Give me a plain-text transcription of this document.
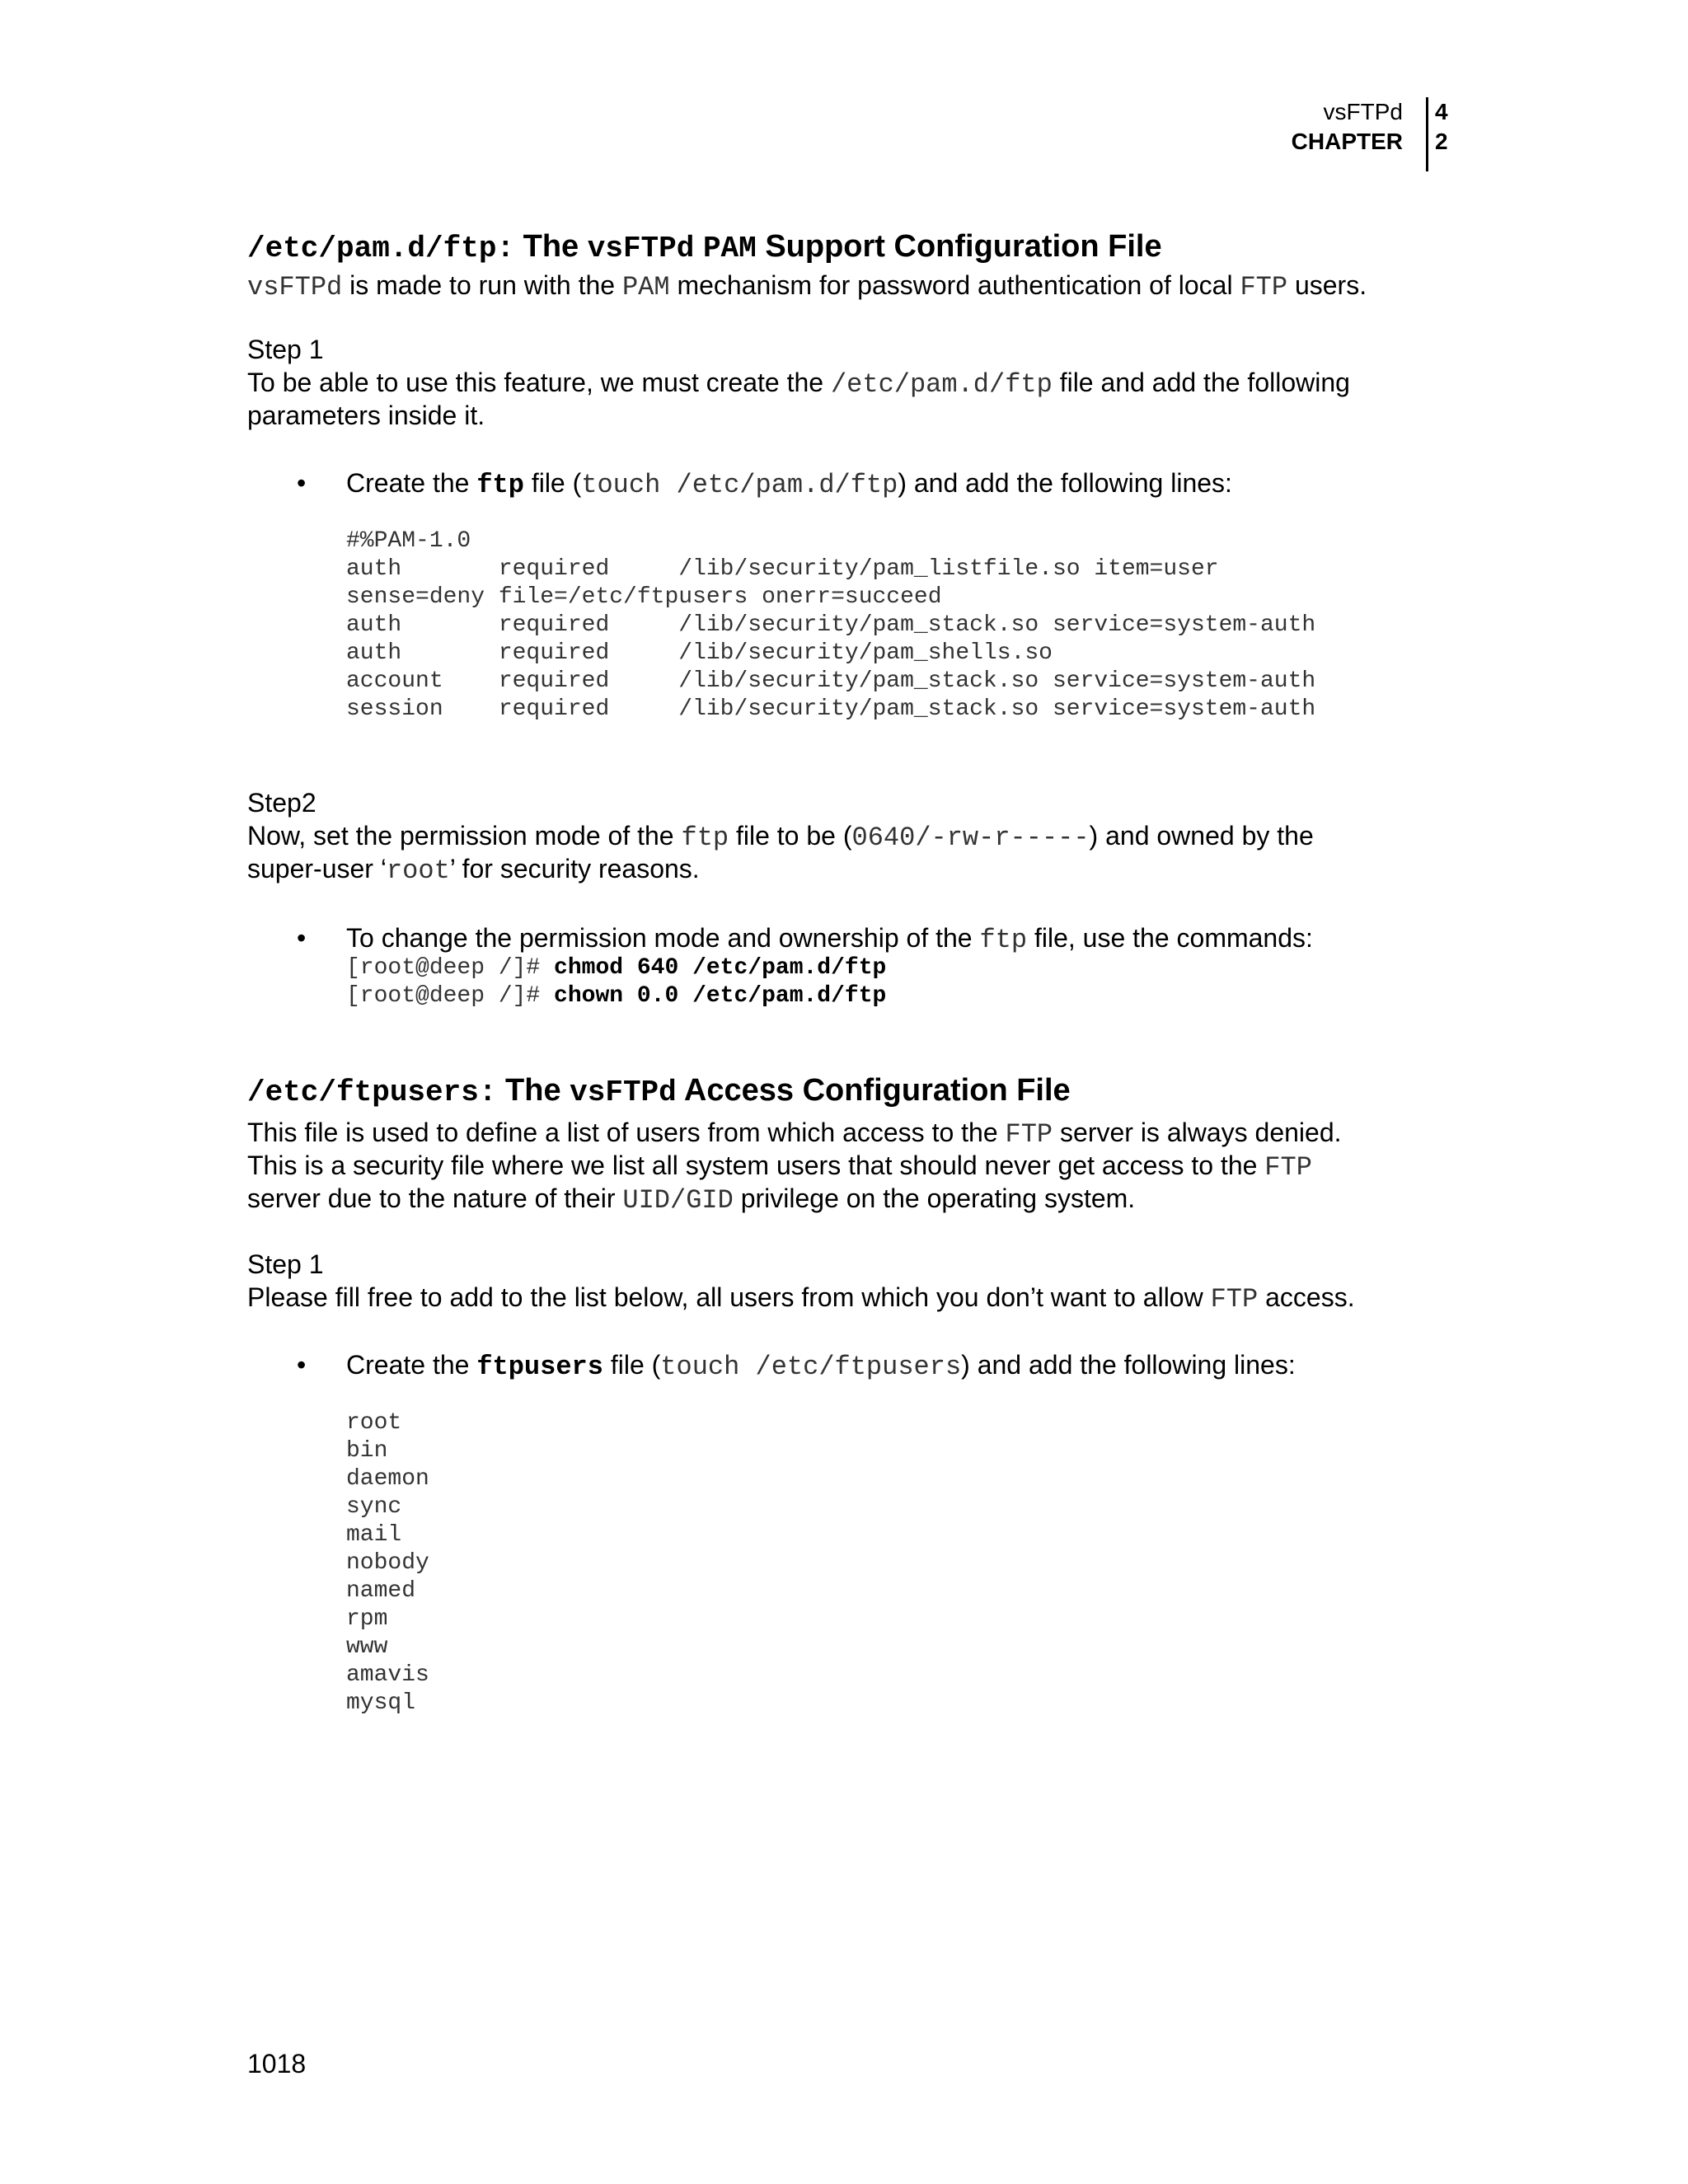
vsFTPd
CHAPTER
4
2
/etc/pam.d/ftp: The vsFTPd PAM Support Configuration File
vsFTPd is made to run with the PAM mechanism for password authentication of local FTP users.
Step 1
To be able to use this feature, we must create the /etc/pam.d/ftp file and add the following
parameters inside it.
• Create the ftp file (touch /etc/pam.d/ftp) and add the following lines:
#%PAM-1.0
auth       required     /lib/security/pam_listfile.so item=user
sense=deny file=/etc/ftpusers onerr=succeed
auth       required     /lib/security/pam_stack.so service=system-auth
auth       required     /lib/security/pam_shells.so
account    required     /lib/security/pam_stack.so service=system-auth
session    required     /lib/security/pam_stack.so service=system-auth
Step2
Now, set the permission mode of the ftp file to be (0640/-rw-r-----) and owned by the
super-user ‘root’ for security reasons.
• To change the permission mode and ownership of the ftp file, use the commands:
[root@deep /]# chmod 640 /etc/pam.d/ftp
[root@deep /]# chown 0.0 /etc/pam.d/ftp
/etc/ftpusers: The vsFTPd Access Configuration File
This file is used to define a list of users from which access to the FTP server is always denied.
This is a security file where we list all system users that should never get access to the FTP
server due to the nature of their UID/GID privilege on the operating system.
Step 1
Please fill free to add to the list below, all users from which you don’t want to allow FTP access.
• Create the ftpusers file (touch /etc/ftpusers) and add the following lines:
root
bin
daemon
sync
mail
nobody
named
rpm
www
amavis
mysql
1018
